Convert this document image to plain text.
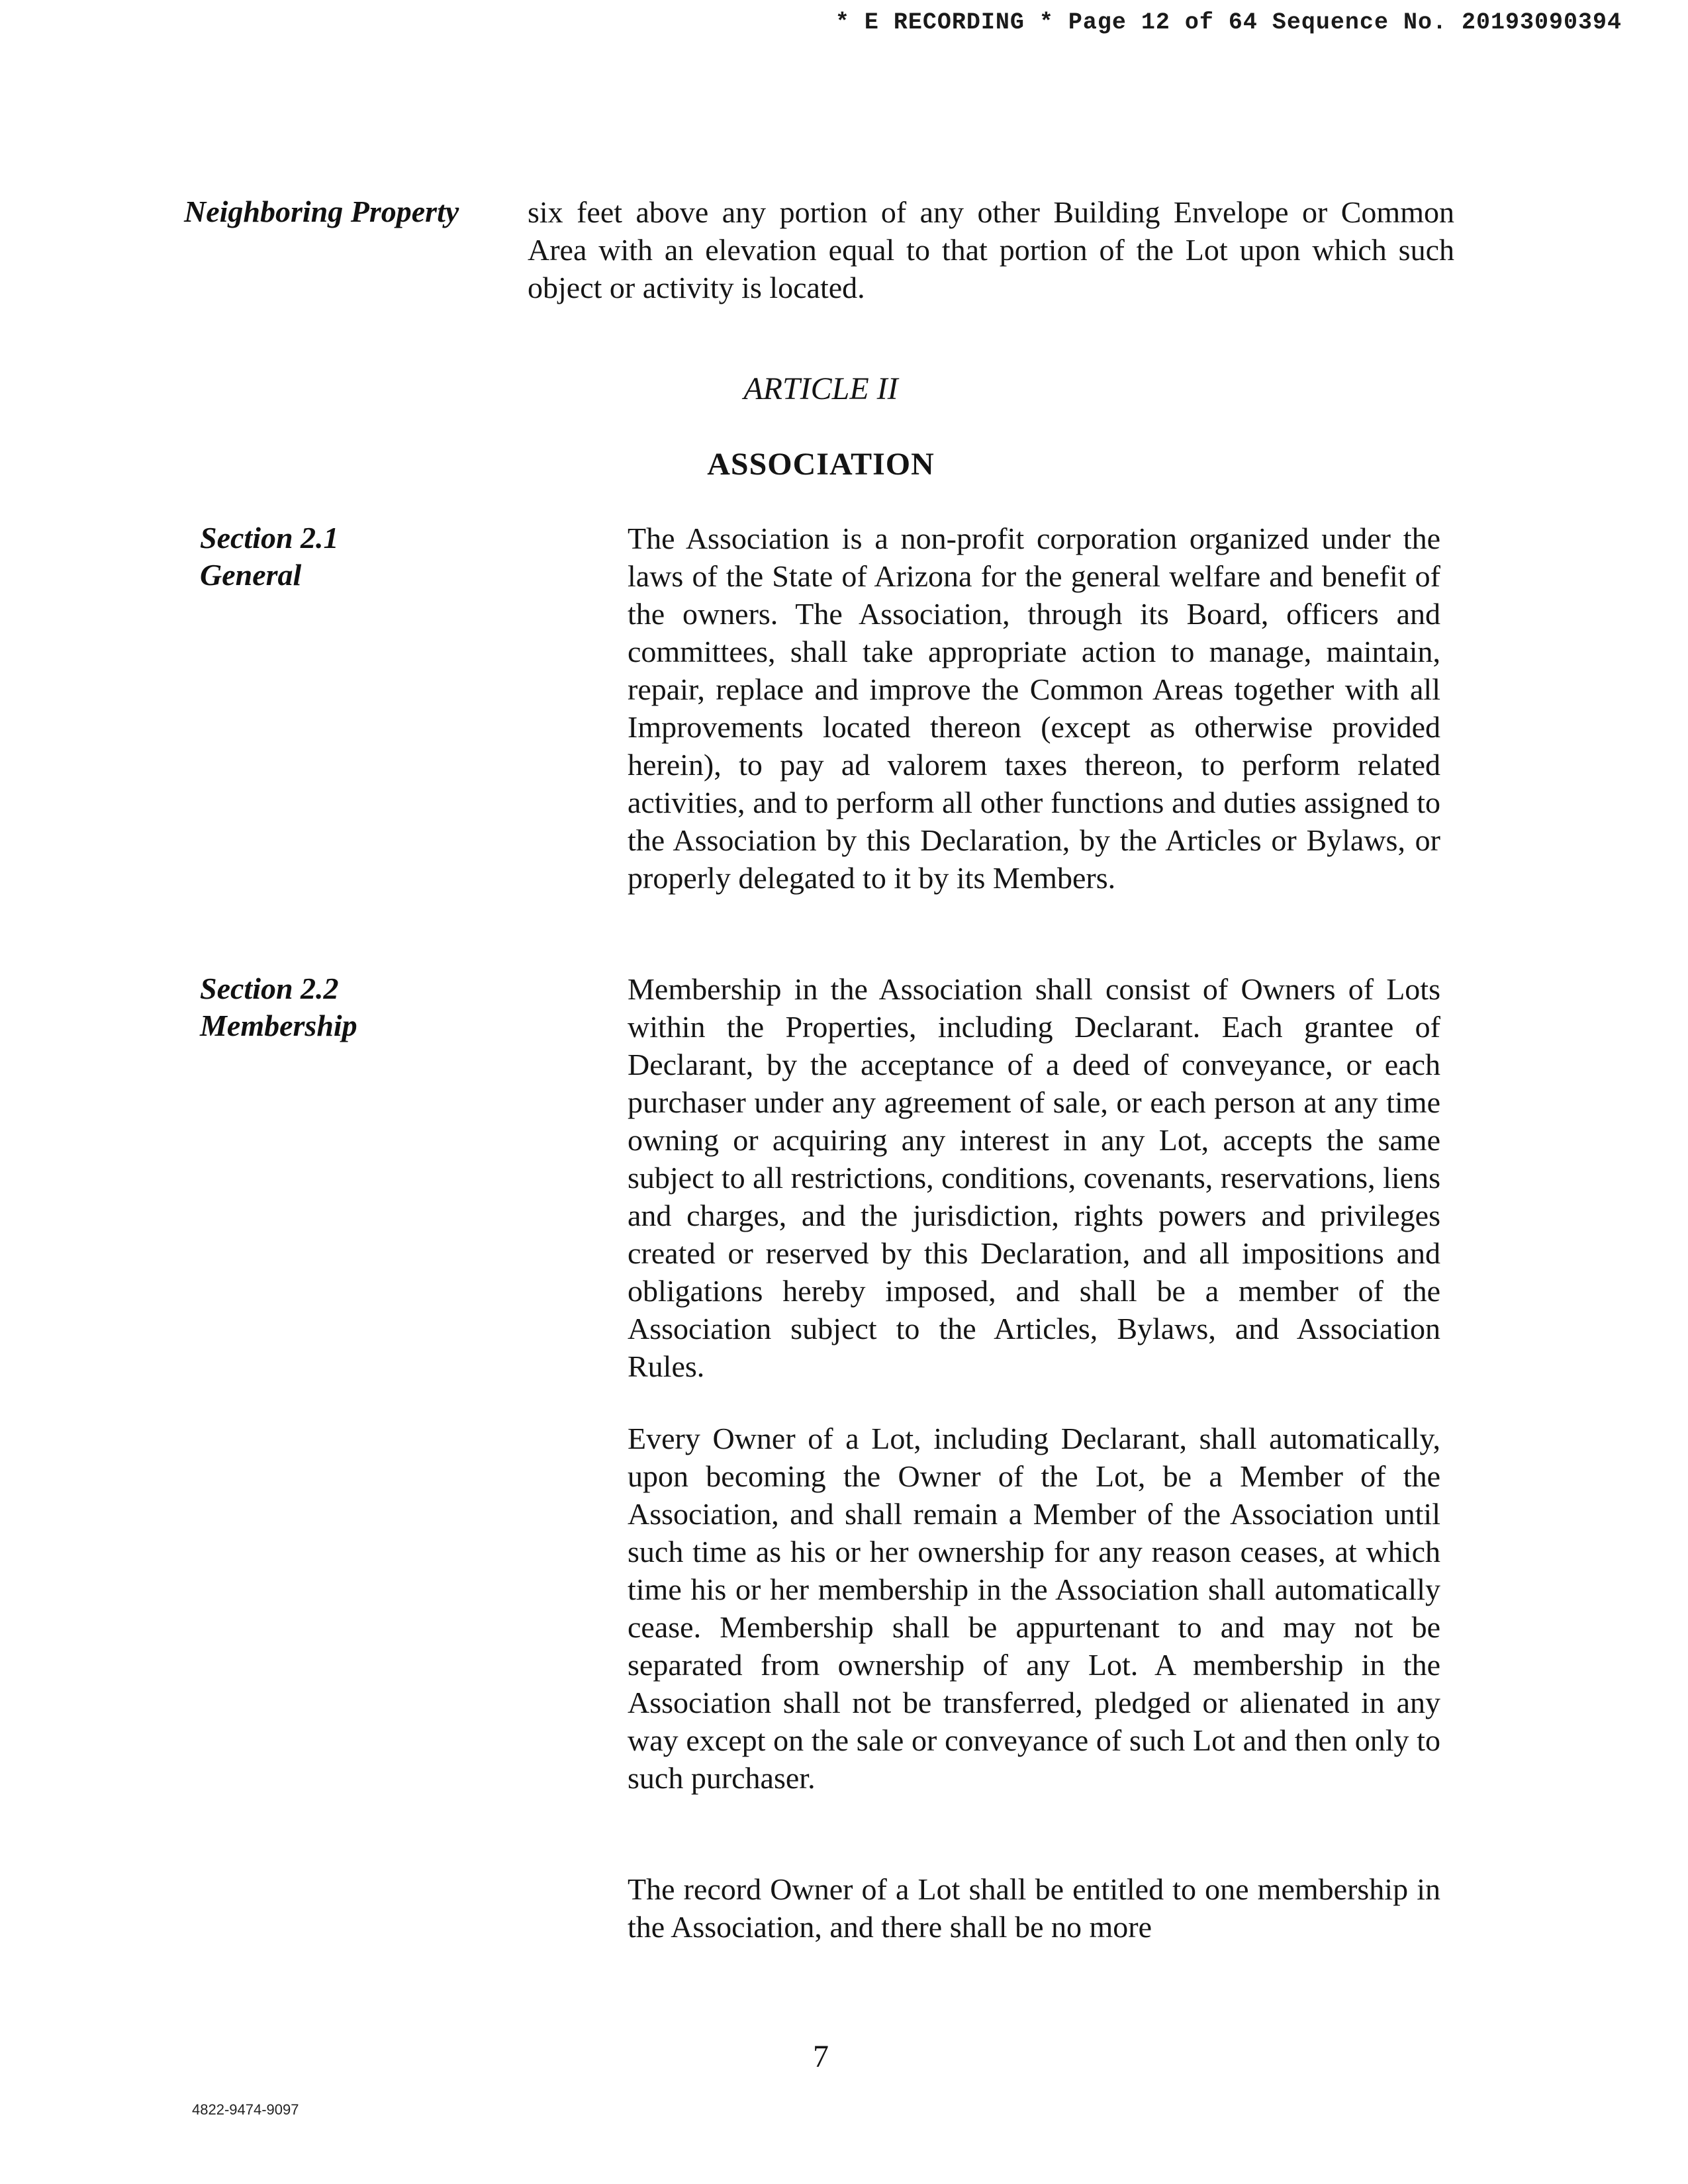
* E RECORDING * Page 12 of 64 Sequence No. 20193090394
Neighboring Property	six feet above any portion of any other Building Envelope or Common Area with an elevation equal to that portion of the Lot upon which such object or activity is located.

ARTICLE II
ASSOCIATION
Section 2.1
General

The Association is a non-profit corporation organized under the laws of the State of Arizona for the general welfare and benefit of the owners. The Association, through its Board, officers and committees, shall take appropriate action to manage, maintain, repair, replace and improve the Common Areas together with all Improvements located thereon (except as otherwise provided herein), to pay ad valorem taxes thereon, to perform related activities, and to perform all other functions and duties assigned to the Association by this Declaration, by the Articles or Bylaws, or properly delegated to it by its Members.

Section 2.2
Membership

Membership in the Association shall consist of Owners of Lots within the Properties, including Declarant. Each grantee of Declarant, by the acceptance of a deed of conveyance, or each purchaser under any agreement of sale, or each person at any time owning or acquiring any interest in any Lot, accepts the same subject to all restrictions, conditions, covenants, reservations, liens and charges, and the jurisdiction, rights powers and privileges created or reserved by this Declaration, and all impositions and obligations hereby imposed, and shall be a member of the Association subject to the Articles, Bylaws, and Association Rules.

Every Owner of a Lot, including Declarant, shall automatically, upon becoming the Owner of the Lot, be a Member of the Association, and shall remain a Member of the Association until such time as his or her ownership for any reason ceases, at which time his or her membership in the Association shall automatically cease. Membership shall be appurtenant to and may not be separated from ownership of any Lot. A membership in the Association shall not be transferred, pledged or alienated in any way except on the sale or conveyance of such Lot and then only to such purchaser.

The record Owner of a Lot shall be entitled to one membership in the Association, and there shall be no more

7
4822-9474-9097
